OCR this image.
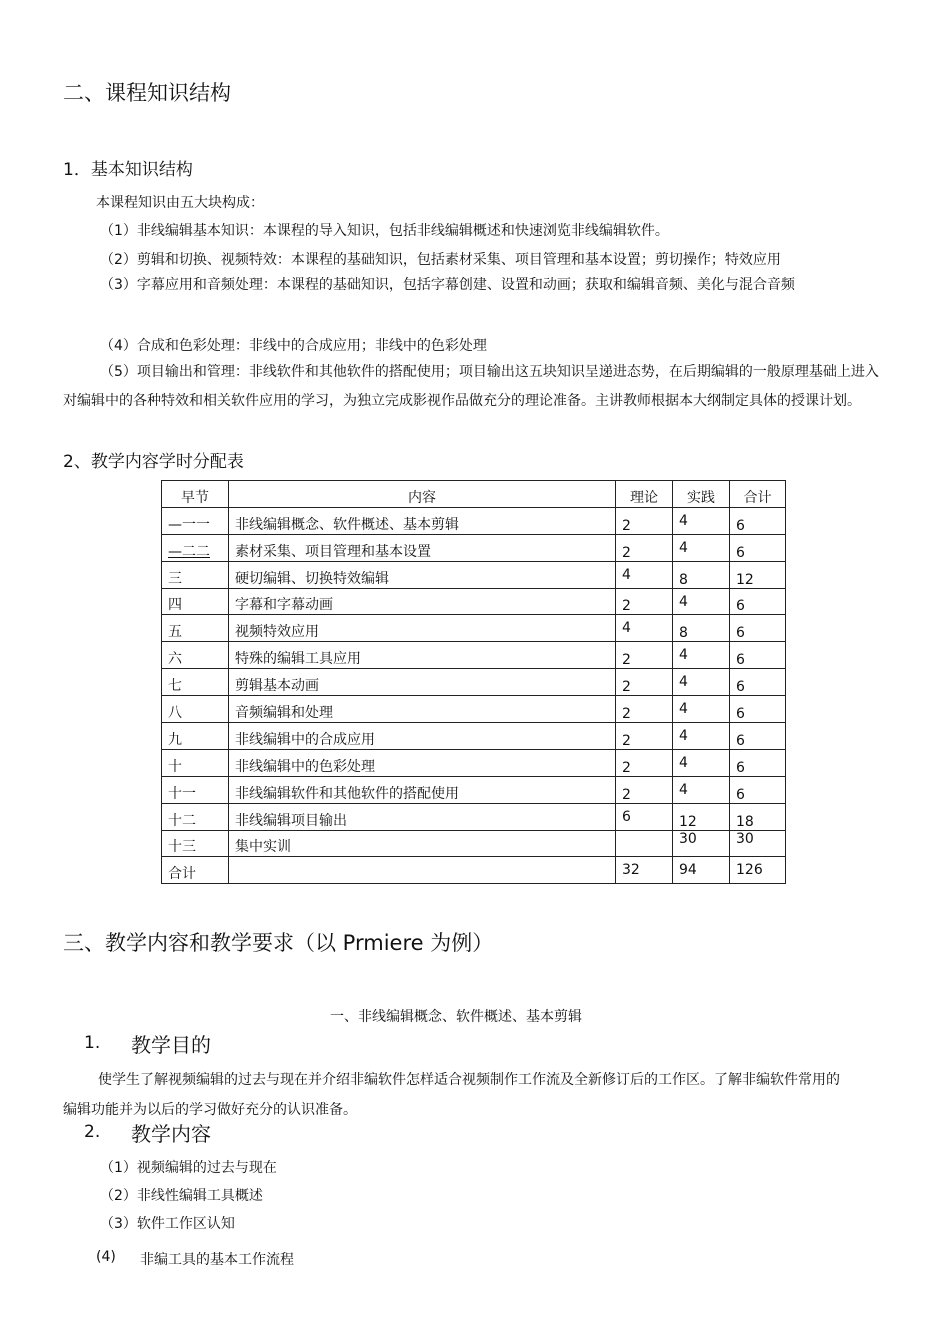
二、课程知识结构
1．基本知识结构
本课程知识由五大块构成：
（1）非线编辑基本知识：本课程的导入知识，包括非线编辑概述和快速浏览非线编辑软件。
（2）剪辑和切换、视频特效：本课程的基础知识，包括素材采集、项目管理和基本设置；剪切操作；特效应用
（3）字幕应用和音频处理：本课程的基础知识，包括字幕创建、设置和动画；获取和编辑音频、美化与混合音频
（4）合成和色彩处理：非线中的合成应用；非线中的色彩处理
（5）项目输出和管理：非线软件和其他软件的搭配使用；项目输出这五块知识呈递进态势，在后期编辑的一般原理基础上进入对编辑中的各种特效和相关软件应用的学习，为独立完成影视作品做充分的理论准备。主讲教师根据本大纲制定具体的授课计划。
2、教学内容学时分配表
早节	内容	理论	实践	合计
—一一	非线编辑概念、软件概述、基本剪辑	2	4	6
—二二	素材采集、项目管理和基本设置	2	4	6
三	硬切编辑、切换特效编辑	4	8	12
四	字幕和字幕动画	2	4	6
五	视频特效应用	4	8	6
六	特殊的编辑工具应用	2	4	6
七	剪辑基本动画	2	4	6
八	音频编辑和处理	2	4	6
九	非线编辑中的合成应用	2	4	6
十	非线编辑中的色彩处理	2	4	6
十一	非线编辑软件和其他软件的搭配使用	2	4	6
十二	非线编辑项目输出	6	12	18
十三	集中实训		30	30
合计		32	94	126
三、教学内容和教学要求（以 Prmiere 为例）
一、非线编辑概念、软件概述、基本剪辑
1. 教学目的
使学生了解视频编辑的过去与现在并介绍非编软件怎样适合视频制作工作流及全新修订后的工作区。了解非编软件常用的编辑功能并为以后的学习做好充分的认识准备。
2. 教学内容
（1）视频编辑的过去与现在
（2）非线性编辑工具概述
（3）软件工作区认知
(4) 非编工具的基本工作流程
